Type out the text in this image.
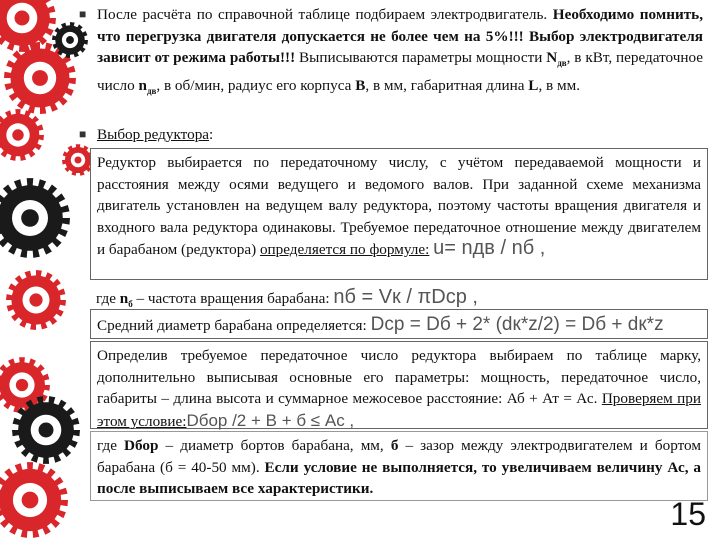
■ После расчёта по справочной таблице подбираем электродвигатель. Необходимо помнить, что перегрузка двигателя допускается не более чем на 5%!!! Выбор электродвигателя зависит от режима работы!!! Выписываются параметры мощности $N_{дв}$, в кВт, передаточное число $n_{дв}$, в об/мин, радиус его корпуса B, в мм, габаритная длина L, в мм.

■ Выбор редуктора:

Редуктор выбирается по передаточному числу, с учётом передаваемой мощности и расстояния между осями ведущего и ведомого валов. При заданной схеме механизма двигатель установлен на ведущем валу редуктора, поэтому частоты вращения двигателя и входного вала редуктора одинаковы. Требуемое передаточное отношение между двигателем и барабаном (редуктора) определяется по формуле: u= nдв / nб ,

где $n_б$ – частота вращения барабана: nб = Vк / πDср ,
Средний диаметр барабана определяется: Dср = Dб + 2* (dк*z/2) = Dб + dк*z

Определив требуемое передаточное число редуктора выбираем по таблице марку, дополнительно выписывая основные его параметры: мощность, передаточное число, габариты – длина высота и суммарное межосевое расстояние: Аб + Ат = Ас. Проверяем при этом условие:Dбор /2 + B + б ≤ Ас ,

где Dбор – диаметр бортов барабана, мм, б – зазор между электродвигателем и бортом барабана (б = 40-50 мм). Если условие не выполняется, то увеличиваем величину Ас, а после выписываем все характеристики.

15
